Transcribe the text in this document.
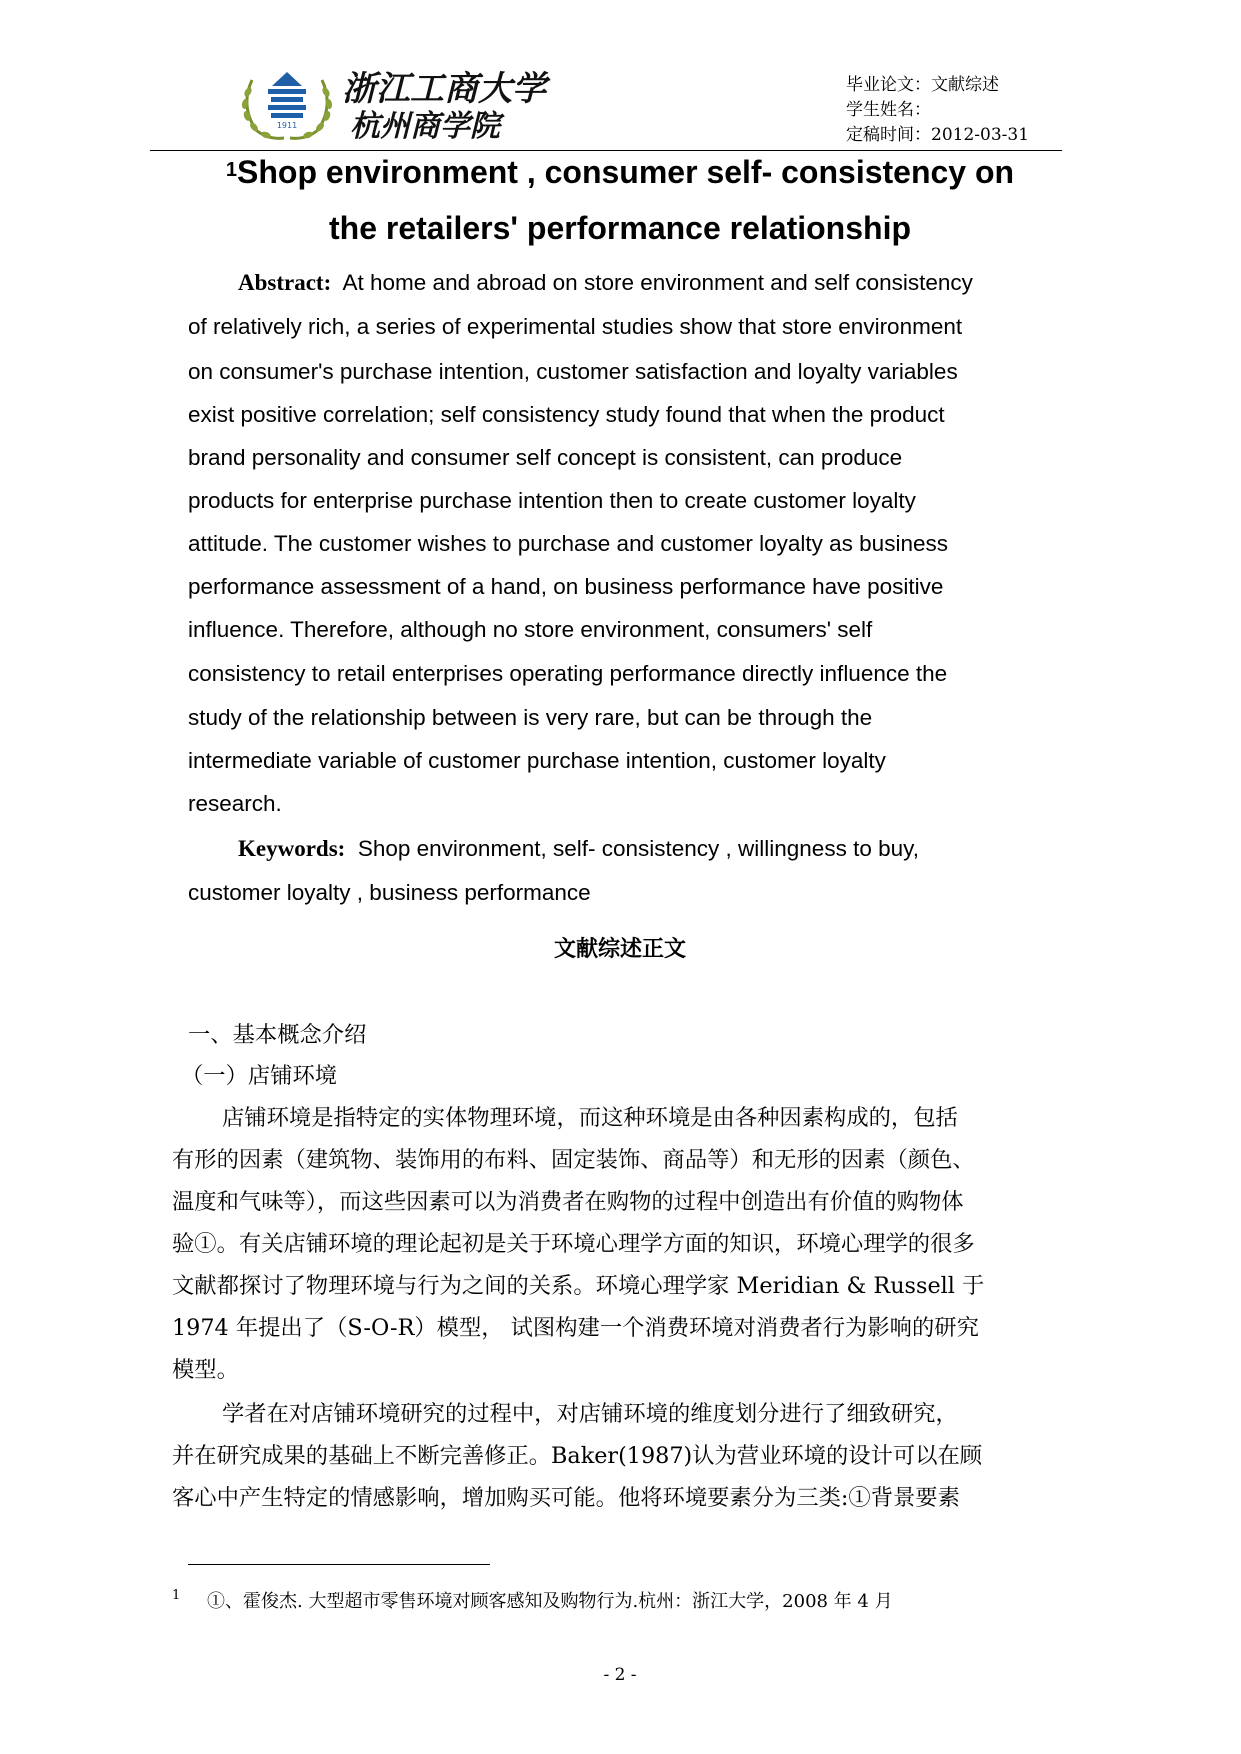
1911
浙江工商大学
杭州商学院
毕业论文：文献综述
学生姓名：
定稿时间：2012-03-31
$^1$Shop environment , consumer self- consistency on
the retailers' performance relationship
Abstract: At home and abroad on store environment and self consistency
of relatively rich, a series of experimental studies show that store environment
on consumer's purchase intention, customer satisfaction and loyalty variables
exist positive correlation; self consistency study found that when the product
brand personality and consumer self concept is consistent, can produce
products for enterprise purchase intention then to create customer loyalty
attitude. The customer wishes to purchase and customer loyalty as business
performance assessment of a hand, on business performance have positive
influence. Therefore, although no store environment, consumers' self
consistency to retail enterprises operating performance directly influence the
study of the relationship between is very rare, but can be through the
intermediate variable of customer purchase intention, customer loyalty
research.
Keywords: Shop environment, self- consistency , willingness to buy,
customer loyalty , business performance
文献综述正文
一、基本概念介绍
（一）店铺环境
店铺环境是指特定的实体物理环境，而这种环境是由各种因素构成的，包括
有形的因素（建筑物、装饰用的布料、固定装饰、商品等）和无形的因素（颜色、
温度和气味等），而这些因素可以为消费者在购物的过程中创造出有价值的购物体
验①。有关店铺环境的理论起初是关于环境心理学方面的知识，环境心理学的很多
文献都探讨了物理环境与行为之间的关系。环境心理学家 Meridian & Russell 于
1974 年提出了（S-O-R）模型， 试图构建一个消费环境对消费者行为影响的研究
模型。
学者在对店铺环境研究的过程中，对店铺环境的维度划分进行了细致研究，
并在研究成果的基础上不断完善修正。Baker(1987)认为营业环境的设计可以在顾
客心中产生特定的情感影响，增加购买可能。他将环境要素分为三类:①背景要素
1 ①、霍俊杰. 大型超市零售环境对顾客感知及购物行为.杭州：浙江大学，2008 年 4 月
- 2 -
